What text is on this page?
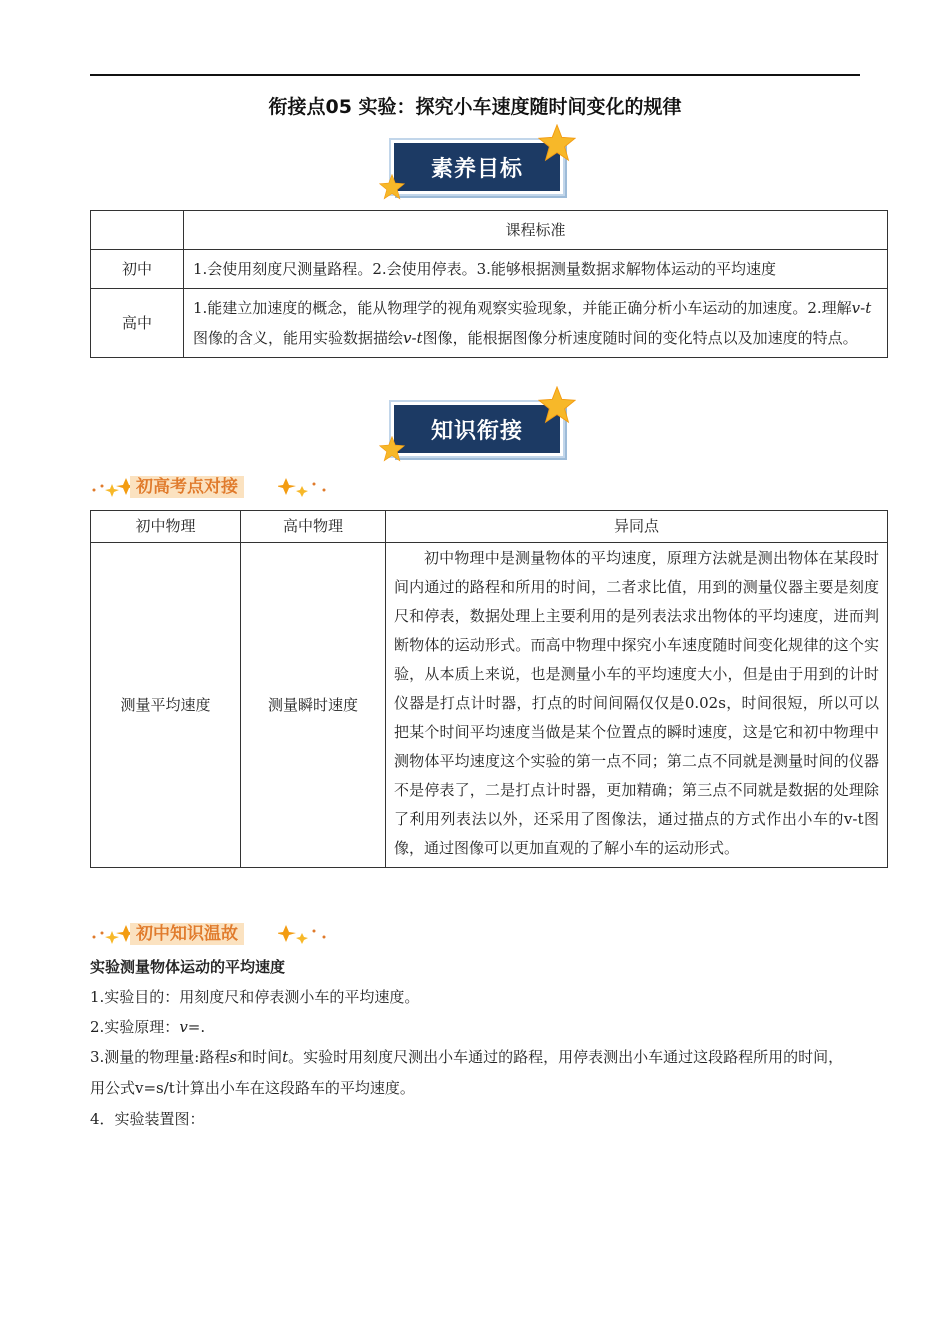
衔接点05 实验：探究小车速度随时间变化的规律
素养目标
	课程标准
初中	1.会使用刻度尺测量路程。2.会使用停表。3.能够根据测量数据求解物体运动的平均速度
高中	1.能建立加速度的概念，能从物理学的视角观察实验现象，并能正确分析小车运动的加速度。2.理解v-t图像的含义，能用实验数据描绘v-t图像，能根据图像分析速度随时间的变化特点以及加速度的特点。
知识衔接
初高考点对接
初中物理	高中物理	异同点
测量平均速度	测量瞬时速度	初中物理中是测量物体的平均速度，原理方法就是测出物体在某段时间内通过的路程和所用的时间，二者求比值，用到的测量仪器主要是刻度尺和停表，数据处理上主要利用的是列表法求出物体的平均速度，进而判断物体的运动形式。而高中物理中探究小车速度随时间变化规律的这个实验，从本质上来说，也是测量小车的平均速度大小，但是由于用到的计时仪器是打点计时器，打点的时间间隔仅仅是0.02s，时间很短，所以可以把某个时间平均速度当做是某个位置点的瞬时速度，这是它和初中物理中测物体平均速度这个实验的第一点不同；第二点不同就是测量时间的仪器不是停表了，二是打点计时器，更加精确；第三点不同就是数据的处理除了利用列表法以外，还采用了图像法，通过描点的方式作出小车的v-t图像，通过图像可以更加直观的了解小车的运动形式。
初中知识温故
实验测量物体运动的平均速度
1.实验目的：用刻度尺和停表测小车的平均速度。
2.实验原理：v=.
3.测量的物理量:路程s和时间t。实验时用刻度尺测出小车通过的路程，用停表测出小车通过这段路程所用的时间，用公式v=s/t计算出小车在这段路车的平均速度。
4．实验装置图：
